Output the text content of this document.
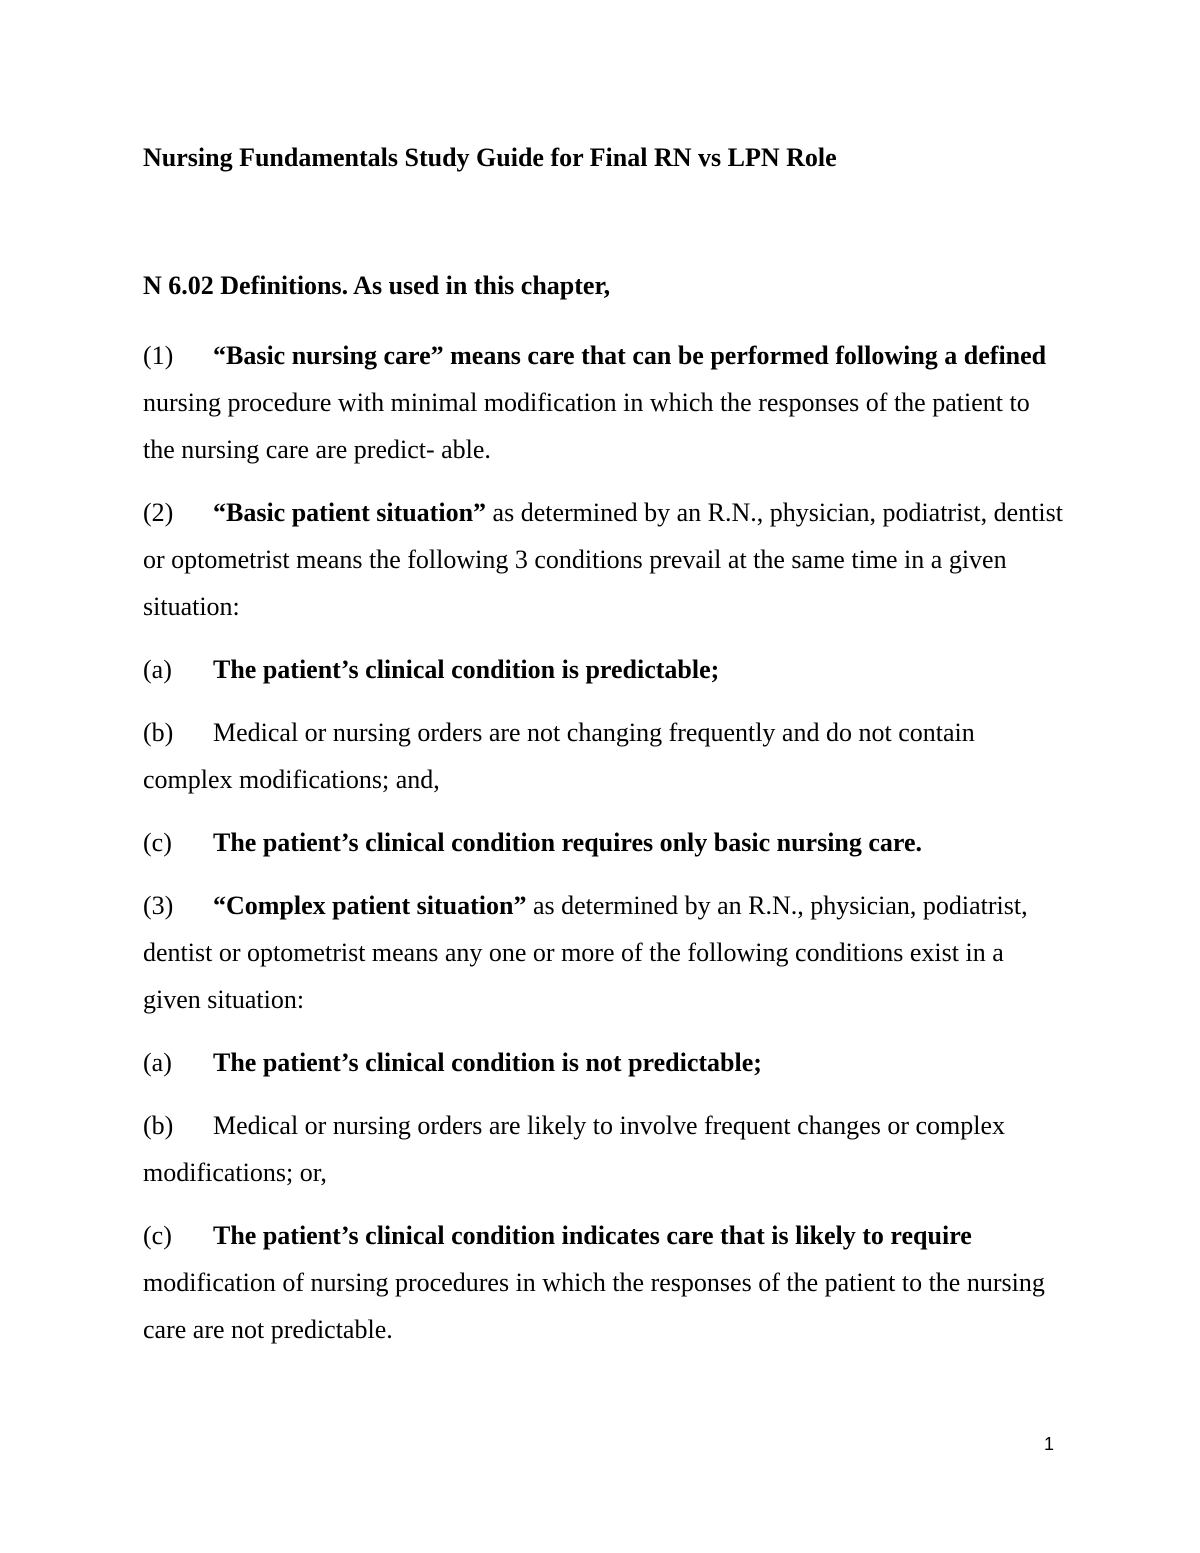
Nursing Fundamentals Study Guide for Final RN vs LPN Role
N 6.02 Definitions. As used in this chapter,

(1) “Basic nursing care” means care that can be performed following a defined nursing procedure with minimal modification in which the responses of the patient to the nursing care are predict- able.

(2) “Basic patient situation” as determined by an R.N., physician, podiatrist, dentist or optometrist means the following 3 conditions prevail at the same time in a given situation:

(a) The patient’s clinical condition is predictable;

(b) Medical or nursing orders are not changing frequently and do not contain complex modifications; and,

(c) The patient’s clinical condition requires only basic nursing care.

(3) “Complex patient situation” as determined by an R.N., physician, podiatrist, dentist or optometrist means any one or more of the following conditions exist in a given situation:

(a) The patient’s clinical condition is not predictable;

(b) Medical or nursing orders are likely to involve frequent changes or complex modifications; or,

(c) The patient’s clinical condition indicates care that is likely to require modification of nursing procedures in which the responses of the patient to the nursing care are not predictable.

1
